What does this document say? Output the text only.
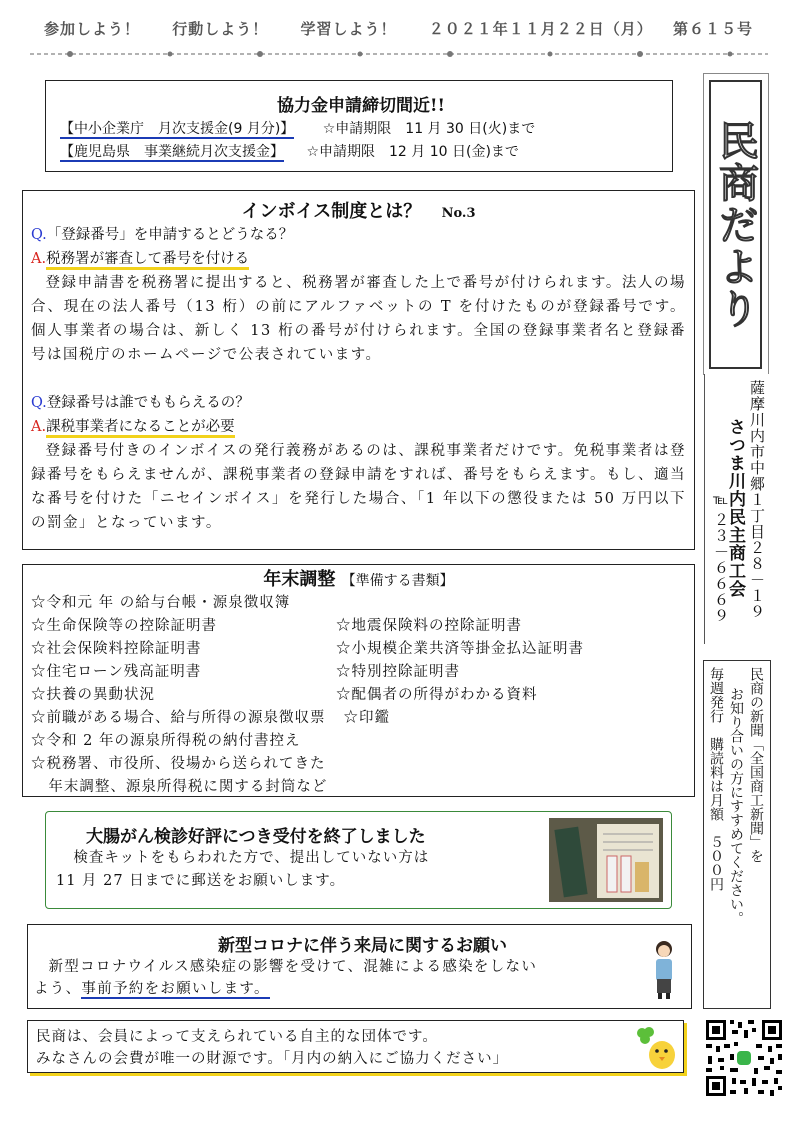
参加しよう！ 行動しよう！ 学習しよう！ ２０２１年１１月２２日（月） 第６１５号
民商だより
薩摩川内市中郷１丁目２８－１９
さつま川内民主商工会
℡
２３－６６６９
民商の新聞「全国商工新聞」を
お知り合いの方にすすめてください。
毎週発行　購読料は月額　５００円
協力金申請締切間近!!
【中小企業庁　月次支援金(9 月分)】 ☆申請期限　11 月 30 日(火)まで
【鹿児島県　事業継続月次支援金】 ☆申請期限　12 月 10 日(金)まで
インボイス制度とは？ No.3
Q.「登録番号」を申請するとどうなる？
A.税務署が審査して番号を付ける
登録申請書を税務署に提出すると、税務署が審査した上で番号が付けられます。法人の場合、現在の法人番号（13 桁）の前にアルファベットの T を付けたものが登録番号です。個人事業者の場合は、新しく 13 桁の番号が付けられます。全国の登録事業者名と登録番号は国税庁のホームページで公表されています。
Q.登録番号は誰でももらえるの？
A.課税事業者になることが必要
登録番号付きのインボイスの発行義務があるのは、課税事業者だけです。免税事業者は登録番号をもらえませんが、課税事業者の登録申請をすれば、番号をもらえます。もし、適当な番号を付けた「ニセインボイス」を発行した場合、「1 年以下の懲役または 50 万円以下の罰金」となっています。
年末調整 【準備する書類】
☆令和元 年 の給与台帳・源泉徴収簿
☆生命保険等の控除証明書	☆地震保険料の控除証明書
☆社会保険料控除証明書	☆小規模企業共済等掛金払込証明書
☆住宅ローン残高証明書	☆特別控除証明書
☆扶養の異動状況	☆配偶者の所得がわかる資料
☆前職がある場合、給与所得の源泉徴収票 ☆印鑑
☆令和 2 年の源泉所得税の納付書控え
☆税務署、市役所、役場から送られてきた
年末調整、源泉所得税に関する封筒など
大腸がん検診好評につき受付を終了しました
検査キットをもらわれた方で、提出していない方は
11 月 27 日までに郵送をお願いします。
新型コロナに伴う来局に関するお願い
新型コロナウイルス感染症の影響を受けて、混雑による感染をしない
よう、事前予約をお願いします。
民商は、会員によって支えられている自主的な団体です。
みなさんの会費が唯一の財源です。「月内の納入にご協力ください」
